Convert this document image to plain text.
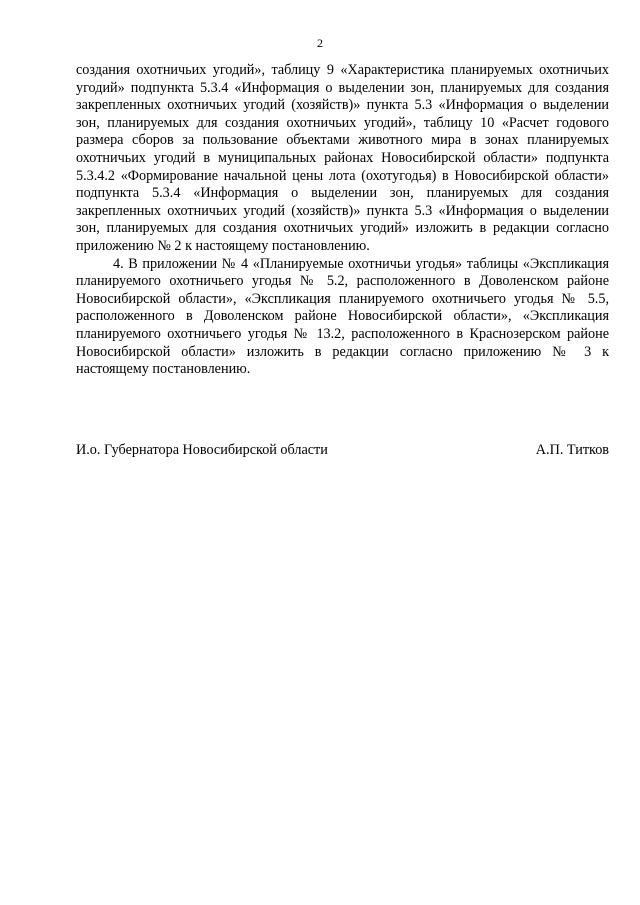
2

создания охотничьих угодий», таблицу 9 «Характеристика планируемых охотничьих угодий» подпункта 5.3.4 «Информация о выделении зон, планируемых для создания закрепленных охотничьих угодий (хозяйств)» пункта 5.3 «Информация о выделении зон, планируемых для создания охотничьих угодий», таблицу 10 «Расчет годового размера сборов за пользование объектами животного мира в зонах планируемых охотничьих угодий в муниципальных районах Новосибирской области» подпункта 5.3.4.2 «Формирование начальной цены лота (охотугодья) в Новосибирской области» подпункта 5.3.4 «Информация о выделении зон, планируемых для создания закрепленных охотничьих угодий (хозяйств)» пункта 5.3 «Информация о выделении зон, планируемых для создания охотничьих угодий» изложить в редакции согласно приложению № 2 к настоящему постановлению.

4. В приложении № 4 «Планируемые охотничьи угодья» таблицы «Экспликация планируемого охотничьего угодья № 5.2, расположенного в Доволенском районе Новосибирской области», «Экспликация планируемого охотничьего угодья № 5.5, расположенного в Доволенском районе Новосибирской области», «Экспликация планируемого охотничьего угодья № 13.2, расположенного в Краснозерском районе Новосибирской области» изложить в редакции согласно приложению № 3 к настоящему постановлению.

И.о. Губернатора Новосибирской области	А.П. Титков
